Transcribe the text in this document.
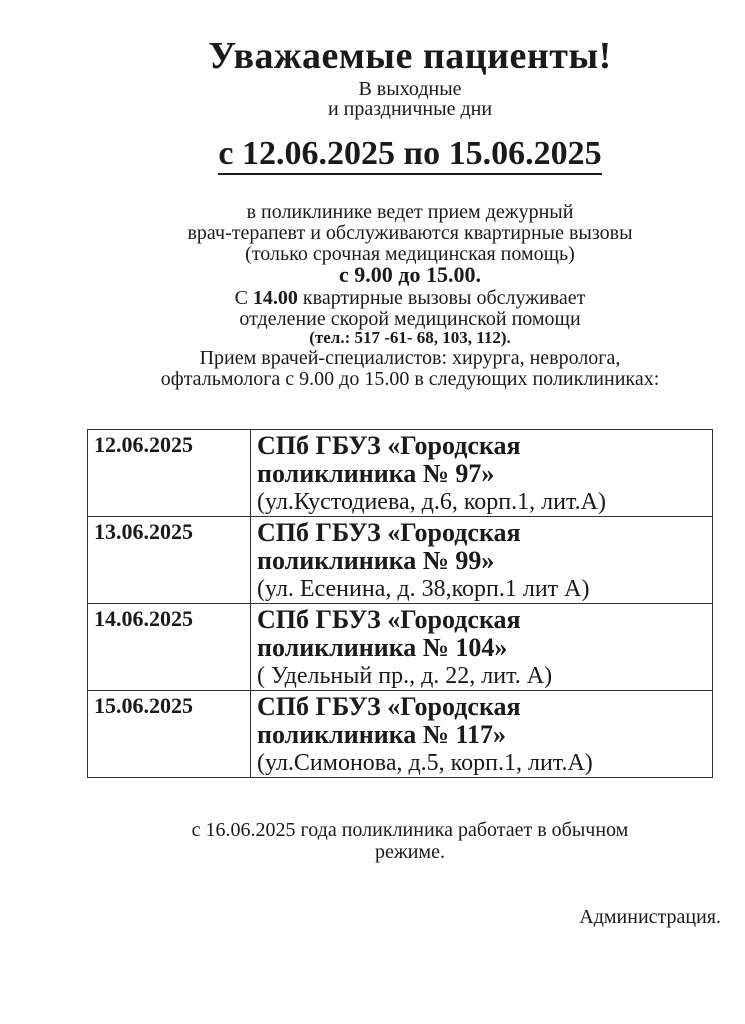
Уважаемые пациенты!
В выходные
и праздничные дни
с 12.06.2025 по 15.06.2025
в поликлинике ведет прием дежурный
врач-терапевт и обслуживаются квартирные вызовы
(только срочная медицинская помощь)
с 9.00 до 15.00.
С 14.00 квартирные вызовы обслуживает
отделение скорой медицинской помощи
(тел.: 517 -61- 68, 103, 112).
Прием врачей-специалистов: хирурга, невролога,
офтальмолога с 9.00 до 15.00 в следующих поликлиниках:
12.06.2025	СПб ГБУЗ «Городская
поликлиника № 97»
(ул.Кустодиева, д.6, корп.1, лит.А)

13.06.2025	СПб ГБУЗ «Городская
поликлиника № 99»
(ул. Есенина, д. 38,корп.1 лит А)

14.06.2025	СПб ГБУЗ «Городская
поликлиника № 104»
( Удельный пр., д. 22, лит. А)

15.06.2025	СПб ГБУЗ «Городская
поликлиника № 117»
(ул.Симонова, д.5, корп.1, лит.А)
с 16.06.2025 года поликлиника работает в обычном
режиме.
Администрация.
